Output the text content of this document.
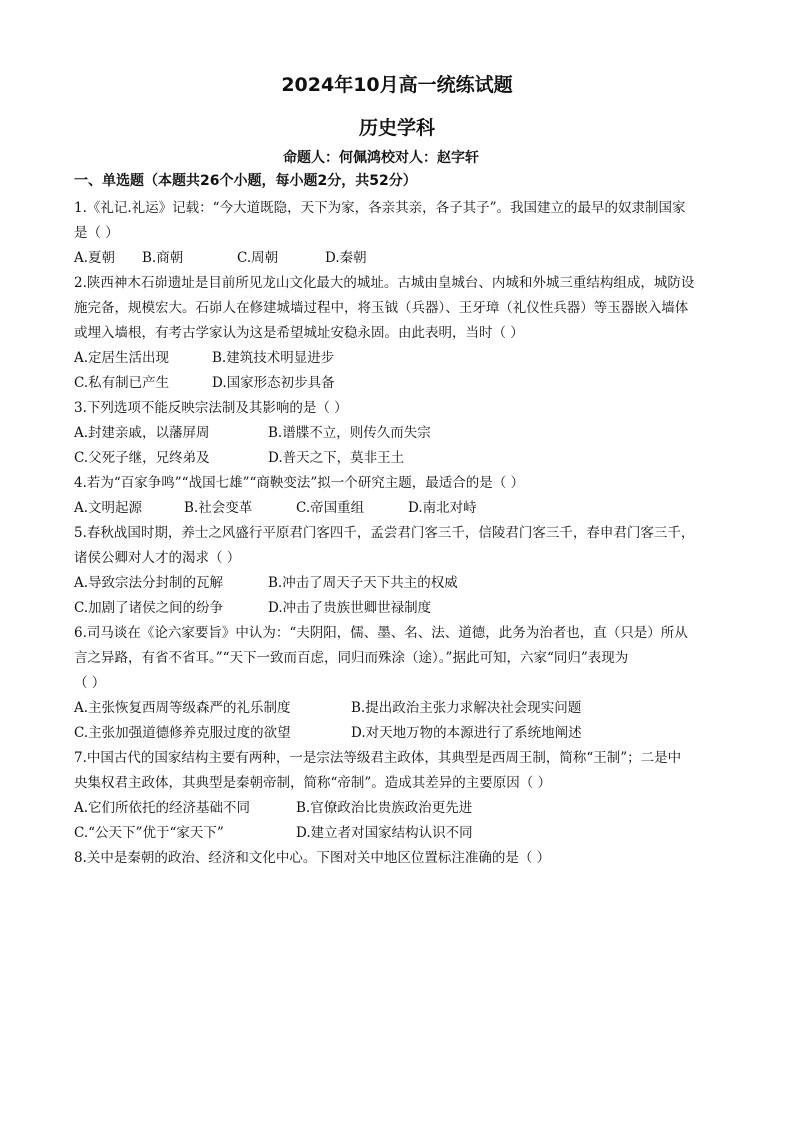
2024年10月高一统练试题
历史学科
命题人：何佩鸿校对人：赵字轩
一、单选题（本题共26个小题，每小题2分，共52分）
1.《礼记.礼运》记载：“今大道既隐，天下为家，各亲其亲，各子其子”。我国建立的最早的奴隶制国家
是（ ）
A.夏朝 B.商朝	C.周朝	D.秦朝
2.陕西神木石峁遗址是目前所见龙山文化最大的城址。古城由皇城台、内城和外城三重结构组成，城防设
施完备，规模宏大。石峁人在修建城墙过程中，将玉钺（兵器）、王牙璋（礼仪性兵器）等玉器嵌入墙体
或埋入墙根，有考古学家认为这是希望城址安稳永固。由此表明，当时（ ）
A.定居生活出现	B.建筑技术明显进步
C.私有制已产生	D.国家形态初步具备
3.下列选项不能反映宗法制及其影响的是（ ）
A.封建亲戚，以藩屏周	B.谱牒不立，则传久而失宗
C.父死子继，兄终弟及	D.普天之下，莫非王土
4.若为“百家争鸣”“战国七雄”“商鞅变法”拟一个研究主题，最适合的是（ ）
A.文明起源	B.社会变革	C.帝国重组	D.南北对峙
5.春秋战国时期，养士之风盛行平原君门客四千，孟尝君门客三千，信陵君门客三千，春申君门客三千，
诸侯公卿对人才的渴求（ ）
A.导致宗法分封制的瓦解	B.冲击了周天子天下共主的权威
C.加剧了诸侯之间的纷争	D.冲击了贵族世卿世禄制度
6.司马谈在《论六家要旨》中认为：“夫阴阳，儒、墨、名、法、道德，此务为治者也，直（只是）所从
言之异路，有省不省耳。”“天下一致而百虑，同归而殊涂（途）。”据此可知，六家“同归”表现为
（ ）
A.主张恢复西周等级森严的礼乐制度	B.提出政治主张力求解决社会现实问题
C.主张加强道德修养克服过度的欲望	D.对天地万物的本源进行了系统地阐述
7.中国古代的国家结构主要有两种，一是宗法等级君主政体，其典型是西周王制，简称“王制”；二是中
央集权君主政体，其典型是秦朝帝制，简称“帝制”。造成其差异的主要原因（ ）
A.它们所依托的经济基础不同	B.官僚政治比贵族政治更先进
C.“公天下”优于“家天下”	D.建立者对国家结构认识不同
8.关中是秦朝的政治、经济和文化中心。下图对关中地区位置标注准确的是（ ）
